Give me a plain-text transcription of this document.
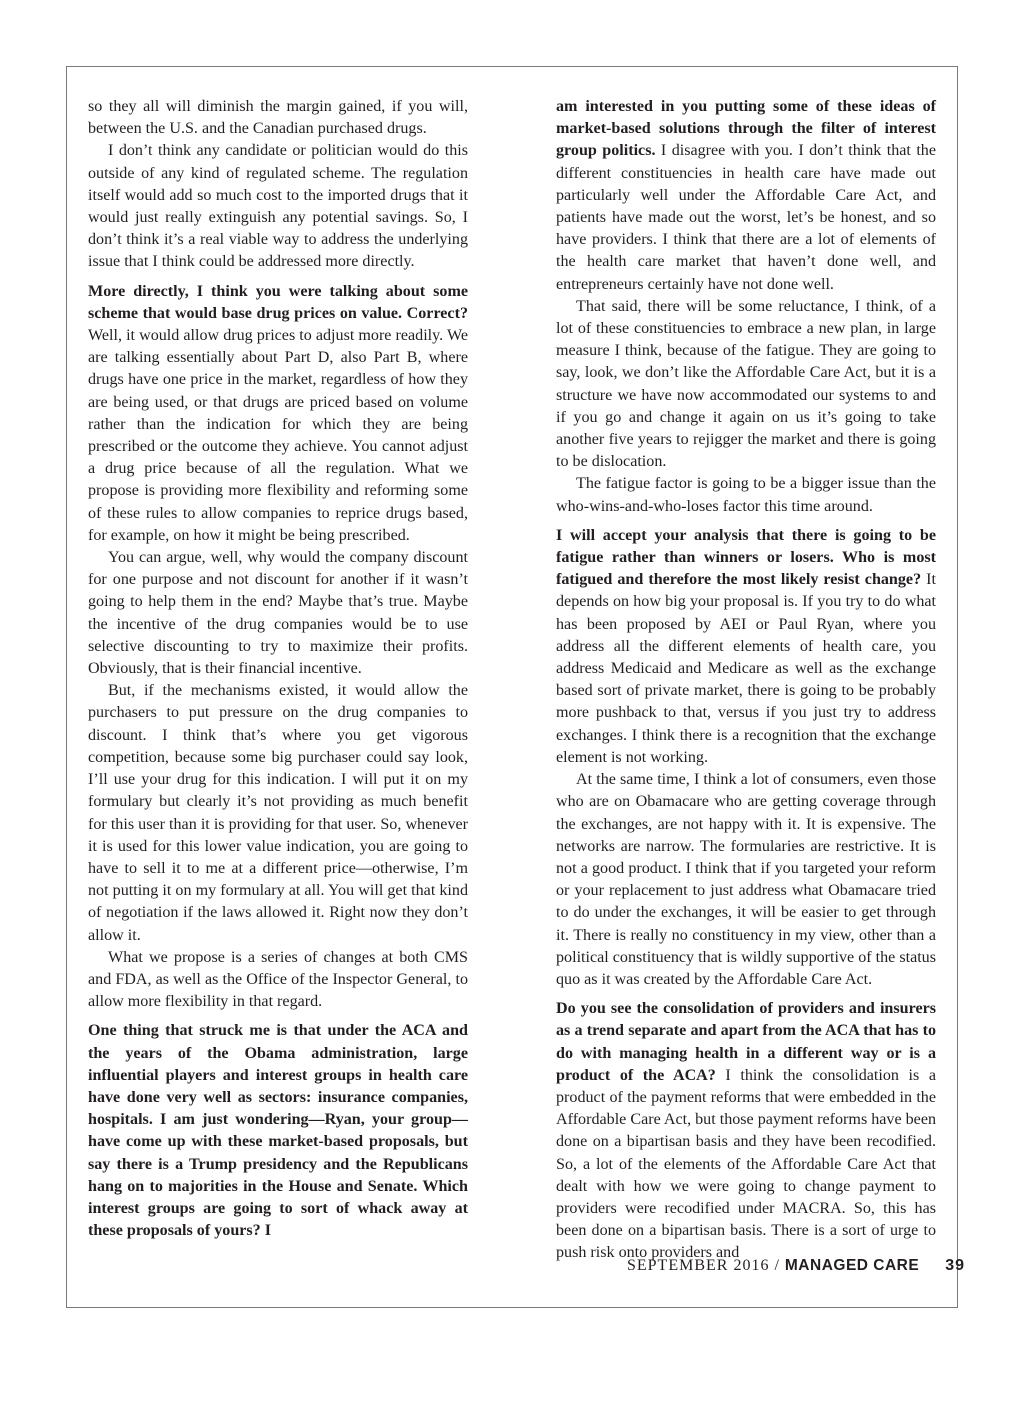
so they all will diminish the margin gained, if you will, between the U.S. and the Canadian purchased drugs.

I don’t think any candidate or politician would do this outside of any kind of regulated scheme. The regulation itself would add so much cost to the imported drugs that it would just really extinguish any potential savings. So, I don’t think it’s a real viable way to address the underlying issue that I think could be addressed more directly.

More directly, I think you were talking about some scheme that would base drug prices on value. Correct? Well, it would allow drug prices to adjust more readily. We are talking essentially about Part D, also Part B, where drugs have one price in the market, regardless of how they are being used, or that drugs are priced based on volume rather than the indication for which they are being prescribed or the outcome they achieve. You cannot adjust a drug price because of all the regulation. What we propose is providing more flexibility and reforming some of these rules to allow companies to reprice drugs based, for example, on how it might be being prescribed.

You can argue, well, why would the company discount for one purpose and not discount for another if it wasn’t going to help them in the end? Maybe that’s true. Maybe the incentive of the drug companies would be to use selective discounting to try to maximize their profits. Obviously, that is their financial incentive.

But, if the mechanisms existed, it would allow the purchasers to put pressure on the drug companies to discount. I think that’s where you get vigorous competition, because some big purchaser could say look, I’ll use your drug for this indication. I will put it on my formulary but clearly it’s not providing as much benefit for this user than it is providing for that user. So, whenever it is used for this lower value indication, you are going to have to sell it to me at a different price—otherwise, I’m not putting it on my formulary at all. You will get that kind of negotiation if the laws allowed it. Right now they don’t allow it.

What we propose is a series of changes at both CMS and FDA, as well as the Office of the Inspector General, to allow more flexibility in that regard.

One thing that struck me is that under the ACA and the years of the Obama administration, large influential players and interest groups in health care have done very well as sectors: insurance companies, hospitals. I am just wondering—Ryan, your group—have come up with these market-based proposals, but say there is a Trump presidency and the Republicans hang on to majorities in the House and Senate. Which interest groups are going to sort of whack away at these proposals of yours? I

am interested in you putting some of these ideas of market-based solutions through the filter of interest group politics. I disagree with you. I don’t think that the different constituencies in health care have made out particularly well under the Affordable Care Act, and patients have made out the worst, let’s be honest, and so have providers. I think that there are a lot of elements of the health care market that haven’t done well, and entrepreneurs certainly have not done well.

That said, there will be some reluctance, I think, of a lot of these constituencies to embrace a new plan, in large measure I think, because of the fatigue. They are going to say, look, we don’t like the Affordable Care Act, but it is a structure we have now accommodated our systems to and if you go and change it again on us it’s going to take another five years to rejigger the market and there is going to be dislocation.

The fatigue factor is going to be a bigger issue than the who-wins-and-who-loses factor this time around.

I will accept your analysis that there is going to be fatigue rather than winners or losers. Who is most fatigued and therefore the most likely resist change? It depends on how big your proposal is. If you try to do what has been proposed by AEI or Paul Ryan, where you address all the different elements of health care, you address Medicaid and Medicare as well as the exchange based sort of private market, there is going to be probably more pushback to that, versus if you just try to address exchanges. I think there is a recognition that the exchange element is not working.

At the same time, I think a lot of consumers, even those who are on Obamacare who are getting coverage through the exchanges, are not happy with it. It is expensive. The networks are narrow. The formularies are restrictive. It is not a good product. I think that if you targeted your reform or your replacement to just address what Obamacare tried to do under the exchanges, it will be easier to get through it. There is really no constituency in my view, other than a political constituency that is wildly supportive of the status quo as it was created by the Affordable Care Act.

Do you see the consolidation of providers and insurers as a trend separate and apart from the ACA that has to do with managing health in a different way or is a product of the ACA? I think the consolidation is a product of the payment reforms that were embedded in the Affordable Care Act, but those payment reforms have been done on a bipartisan basis and they have been recodified. So, a lot of the elements of the Affordable Care Act that dealt with how we were going to change payment to providers were recodified under MACRA. So, this has been done on a bipartisan basis. There is a sort of urge to push risk onto providers and

SEPTEMBER 2016 / MANAGED CARE 39
